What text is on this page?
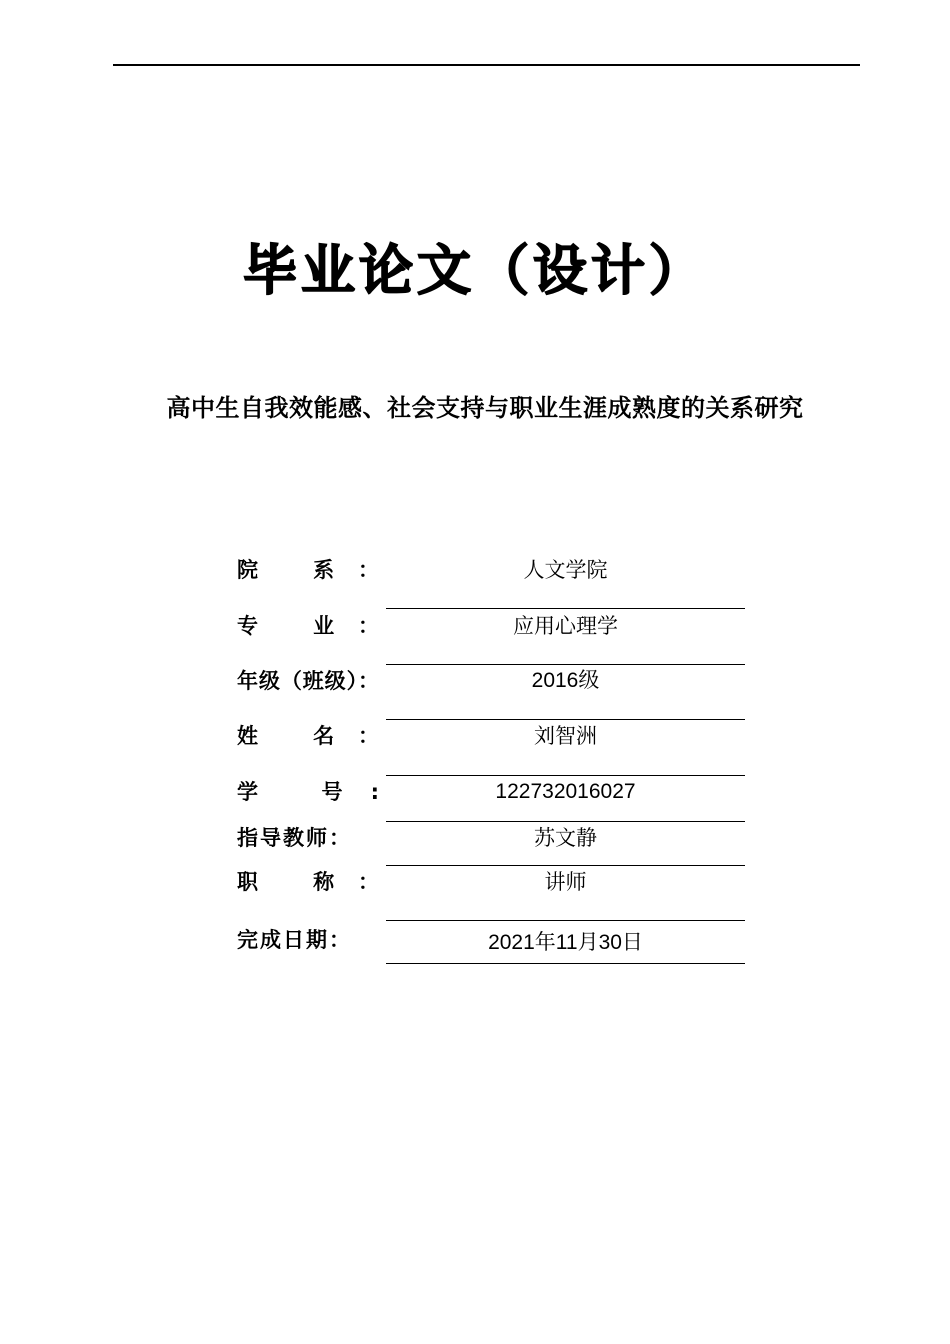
毕业论文（设计）
高中生自我效能感、社会支持与职业生涯成熟度的关系研究
院 系：	人文学院
专 业：	应用心理学
年级（班级）：	2016级
姓 名：	刘智洲
学 号:	122732016027
指导教师：	苏文静
职 称：	讲师
完成日期：	2021年11月30日
